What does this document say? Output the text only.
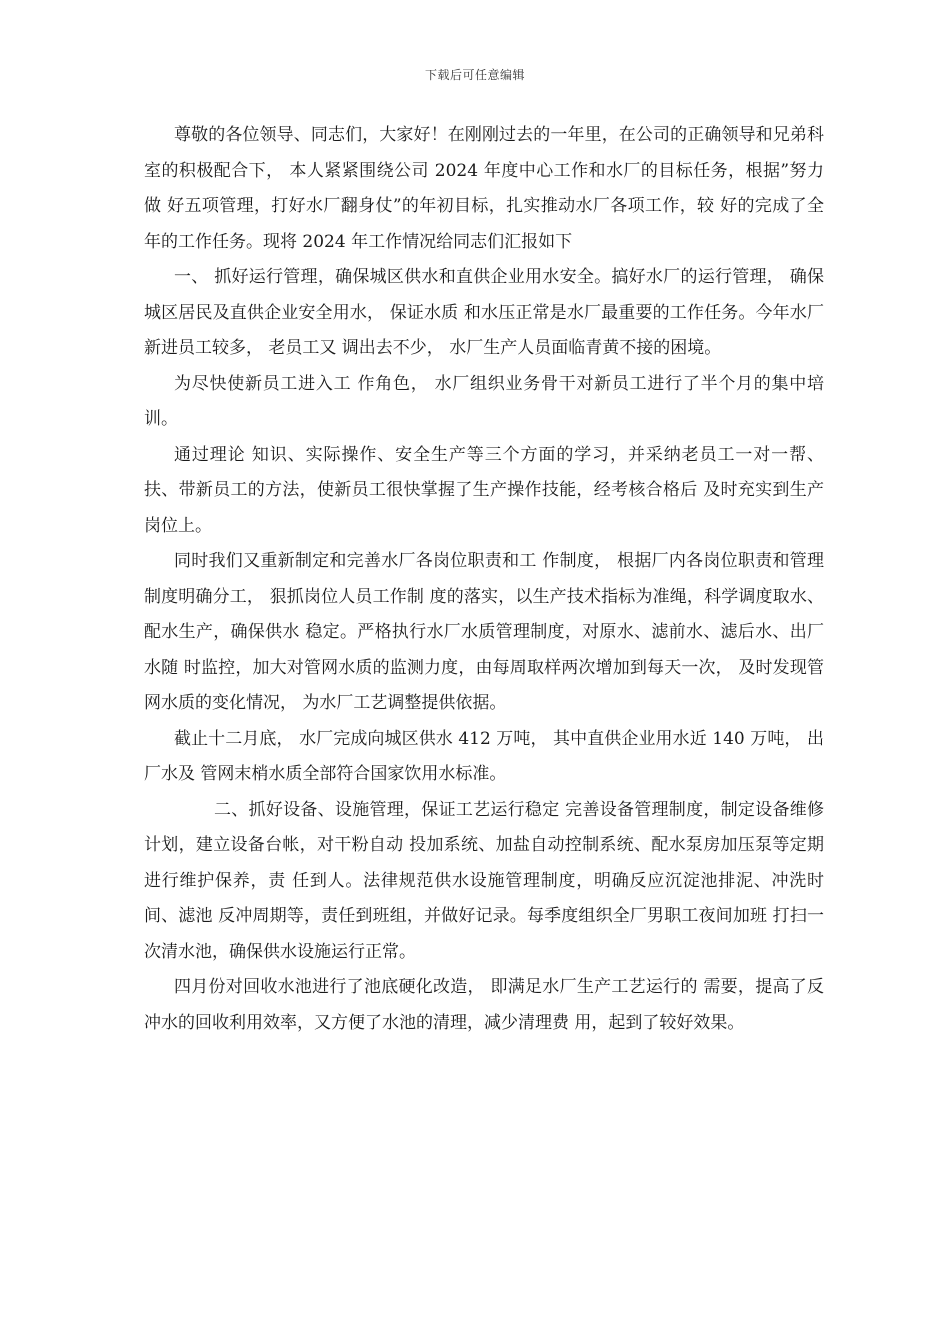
下载后可任意编辑

尊敬的各位领导、同志们，大家好！在刚刚过去的一年里，在公司的正确领导和兄弟科室的积极配合下， 本人紧紧围绕公司 2024 年度中心工作和水厂的目标任务，根据”努力做 好五项管理，打好水厂翻身仗”的年初目标，扎实推动水厂各项工作，较 好的完成了全年的工作任务。现将 2024 年工作情况给同志们汇报如下

一、 抓好运行管理，确保城区供水和直供企业用水安全。搞好水厂的运行管理， 确保城区居民及直供企业安全用水， 保证水质 和水压正常是水厂最重要的工作任务。今年水厂新进员工较多， 老员工又 调出去不少， 水厂生产人员面临青黄不接的困境。

为尽快使新员工进入工 作角色， 水厂组织业务骨干对新员工进行了半个月的集中培训。

通过理论 知识、实际操作、安全生产等三个方面的学习，并采纳老员工一对一帮、 扶、带新员工的方法，使新员工很快掌握了生产操作技能，经考核合格后 及时充实到生产岗位上。

同时我们又重新制定和完善水厂各岗位职责和工 作制度， 根据厂内各岗位职责和管理制度明确分工， 狠抓岗位人员工作制 度的落实，以生产技术指标为准绳，科学调度取水、配水生产，确保供水 稳定。严格执行水厂水质管理制度，对原水、滤前水、滤后水、出厂水随 时监控，加大对管网水质的监测力度，由每周取样两次增加到每天一次， 及时发现管网水质的变化情况， 为水厂工艺调整提供依据。

截止十二月底， 水厂完成向城区供水 412 万吨， 其中直供企业用水近 140 万吨， 出厂水及 管网末梢水质全部符合国家饮用水标准。

二、抓好设备、设施管理，保证工艺运行稳定 完善设备管理制度，制定设备维修计划，建立设备台帐，对干粉自动 投加系统、加盐自动控制系统、配水泵房加压泵等定期进行维护保养，责 任到人。法律规范供水设施管理制度，明确反应沉淀池排泥、冲洗时间、滤池 反冲周期等，责任到班组，并做好记录。每季度组织全厂男职工夜间加班 打扫一次清水池，确保供水设施运行正常。

四月份对回收水池进行了池底硬化改造， 即满足水厂生产工艺运行的 需要，提高了反冲水的回收利用效率，又方便了水池的清理，减少清理费 用，起到了较好效果。
